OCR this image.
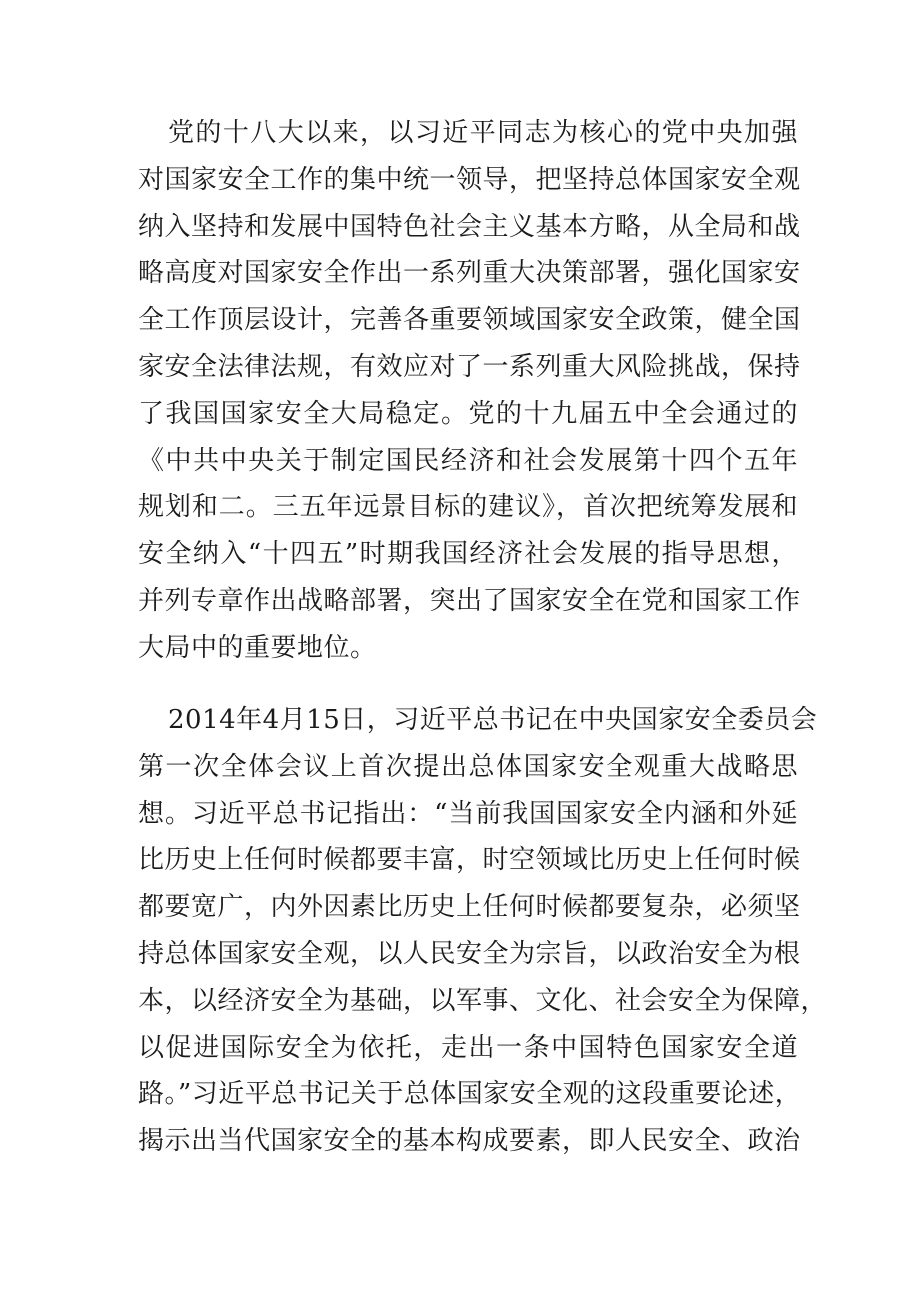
党的十八大以来，以习近平同志为核心的党中央加强
对国家安全工作的集中统一领导，把坚持总体国家安全观
纳入坚持和发展中国特色社会主义基本方略，从全局和战
略高度对国家安全作出一系列重大决策部署，强化国家安
全工作顶层设计，完善各重要领域国家安全政策，健全国
家安全法律法规，有效应对了一系列重大风险挑战，保持
了我国国家安全大局稳定。党的十九届五中全会通过的
《中共中央关于制定国民经济和社会发展第十四个五年
规划和二。三五年远景目标的建议》，首次把统筹发展和
安全纳入“十四五”时期我国经济社会发展的指导思想，
并列专章作出战略部署，突出了国家安全在党和国家工作
大局中的重要地位。
2014年4月15日，习近平总书记在中央国家安全委员会
第一次全体会议上首次提出总体国家安全观重大战略思
想。习近平总书记指出：“当前我国国家安全内涵和外延
比历史上任何时候都要丰富，时空领域比历史上任何时候
都要宽广，内外因素比历史上任何时候都要复杂，必须坚
持总体国家安全观，以人民安全为宗旨，以政治安全为根
本，以经济安全为基础，以军事、文化、社会安全为保障，
以促进国际安全为依托，走出一条中国特色国家安全道
路。”习近平总书记关于总体国家安全观的这段重要论述，
揭示出当代国家安全的基本构成要素，即人民安全、政治
